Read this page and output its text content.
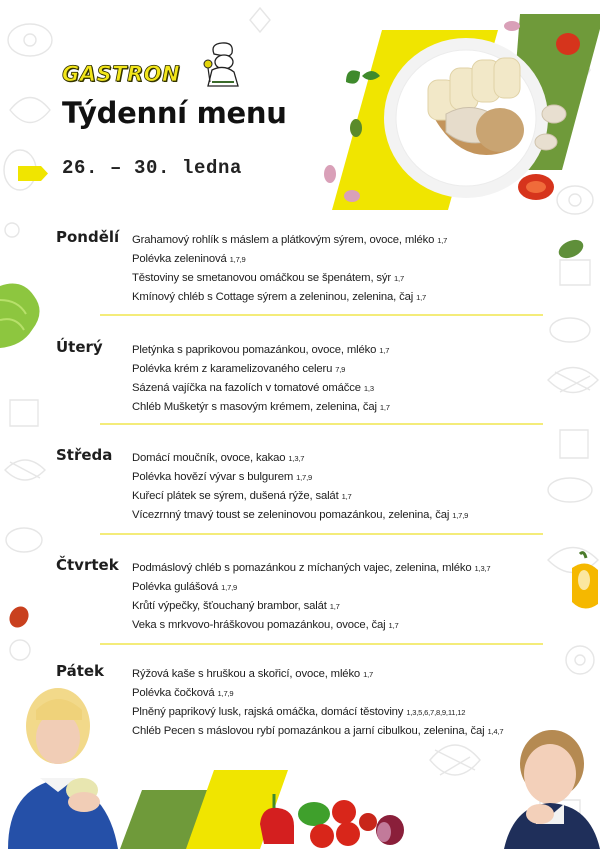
GASTRON
Týdenní menu
26. – 30. ledna
Pondělí Grahamový rohlík s máslem a plátkovým sýrem, ovoce, mléko 1,7
Polévka zeleninová 1,7,9
Těstoviny se smetanovou omáčkou se špenátem, sýr 1,7
Kmínový chléb s Cottage sýrem a zeleninou, zelenina, čaj 1,7
Úterý	Pletýnka s paprikovou pomazánkou, ovoce, mléko 1,7
Polévka krém z karamelizovaného celeru 7,9
Sázená vajíčka na fazolích v tomatové omáčce 1,3
Chléb Mušketýr s masovým krémem, zelenina, čaj 1,7
Středa Domácí moučník, ovoce, kakao 1,3,7
Polévka hovězí vývar s bulgurem 1,7,9
Kuřecí plátek se sýrem, dušená rýže, salát 1,7
Vícezrnný tmavý toust se zeleninovou pomazánkou, zelenina, čaj 1,7,9
Čtvrtek Podmáslový chléb s pomazánkou z míchaných vajec, zelenina, mléko 1,3,7
Polévka gulášová 1,7,9
Krůtí výpečky, šťouchaný brambor, salát 1,7
Veka s mrkvovo-hráškovou pomazánkou, ovoce, čaj 1,7
Pátek Rýžová kaše s hruškou a skořicí, ovoce, mléko 1,7
Polévka čočková 1,7,9
Plněný paprikový lusk, rajská omáčka, domácí těstoviny 1,3,5,6,7,8,9,11,12
Chléb Pecen s máslovou rybí pomazánkou a jarní cibulkou, zelenina, čaj 1,4,7
